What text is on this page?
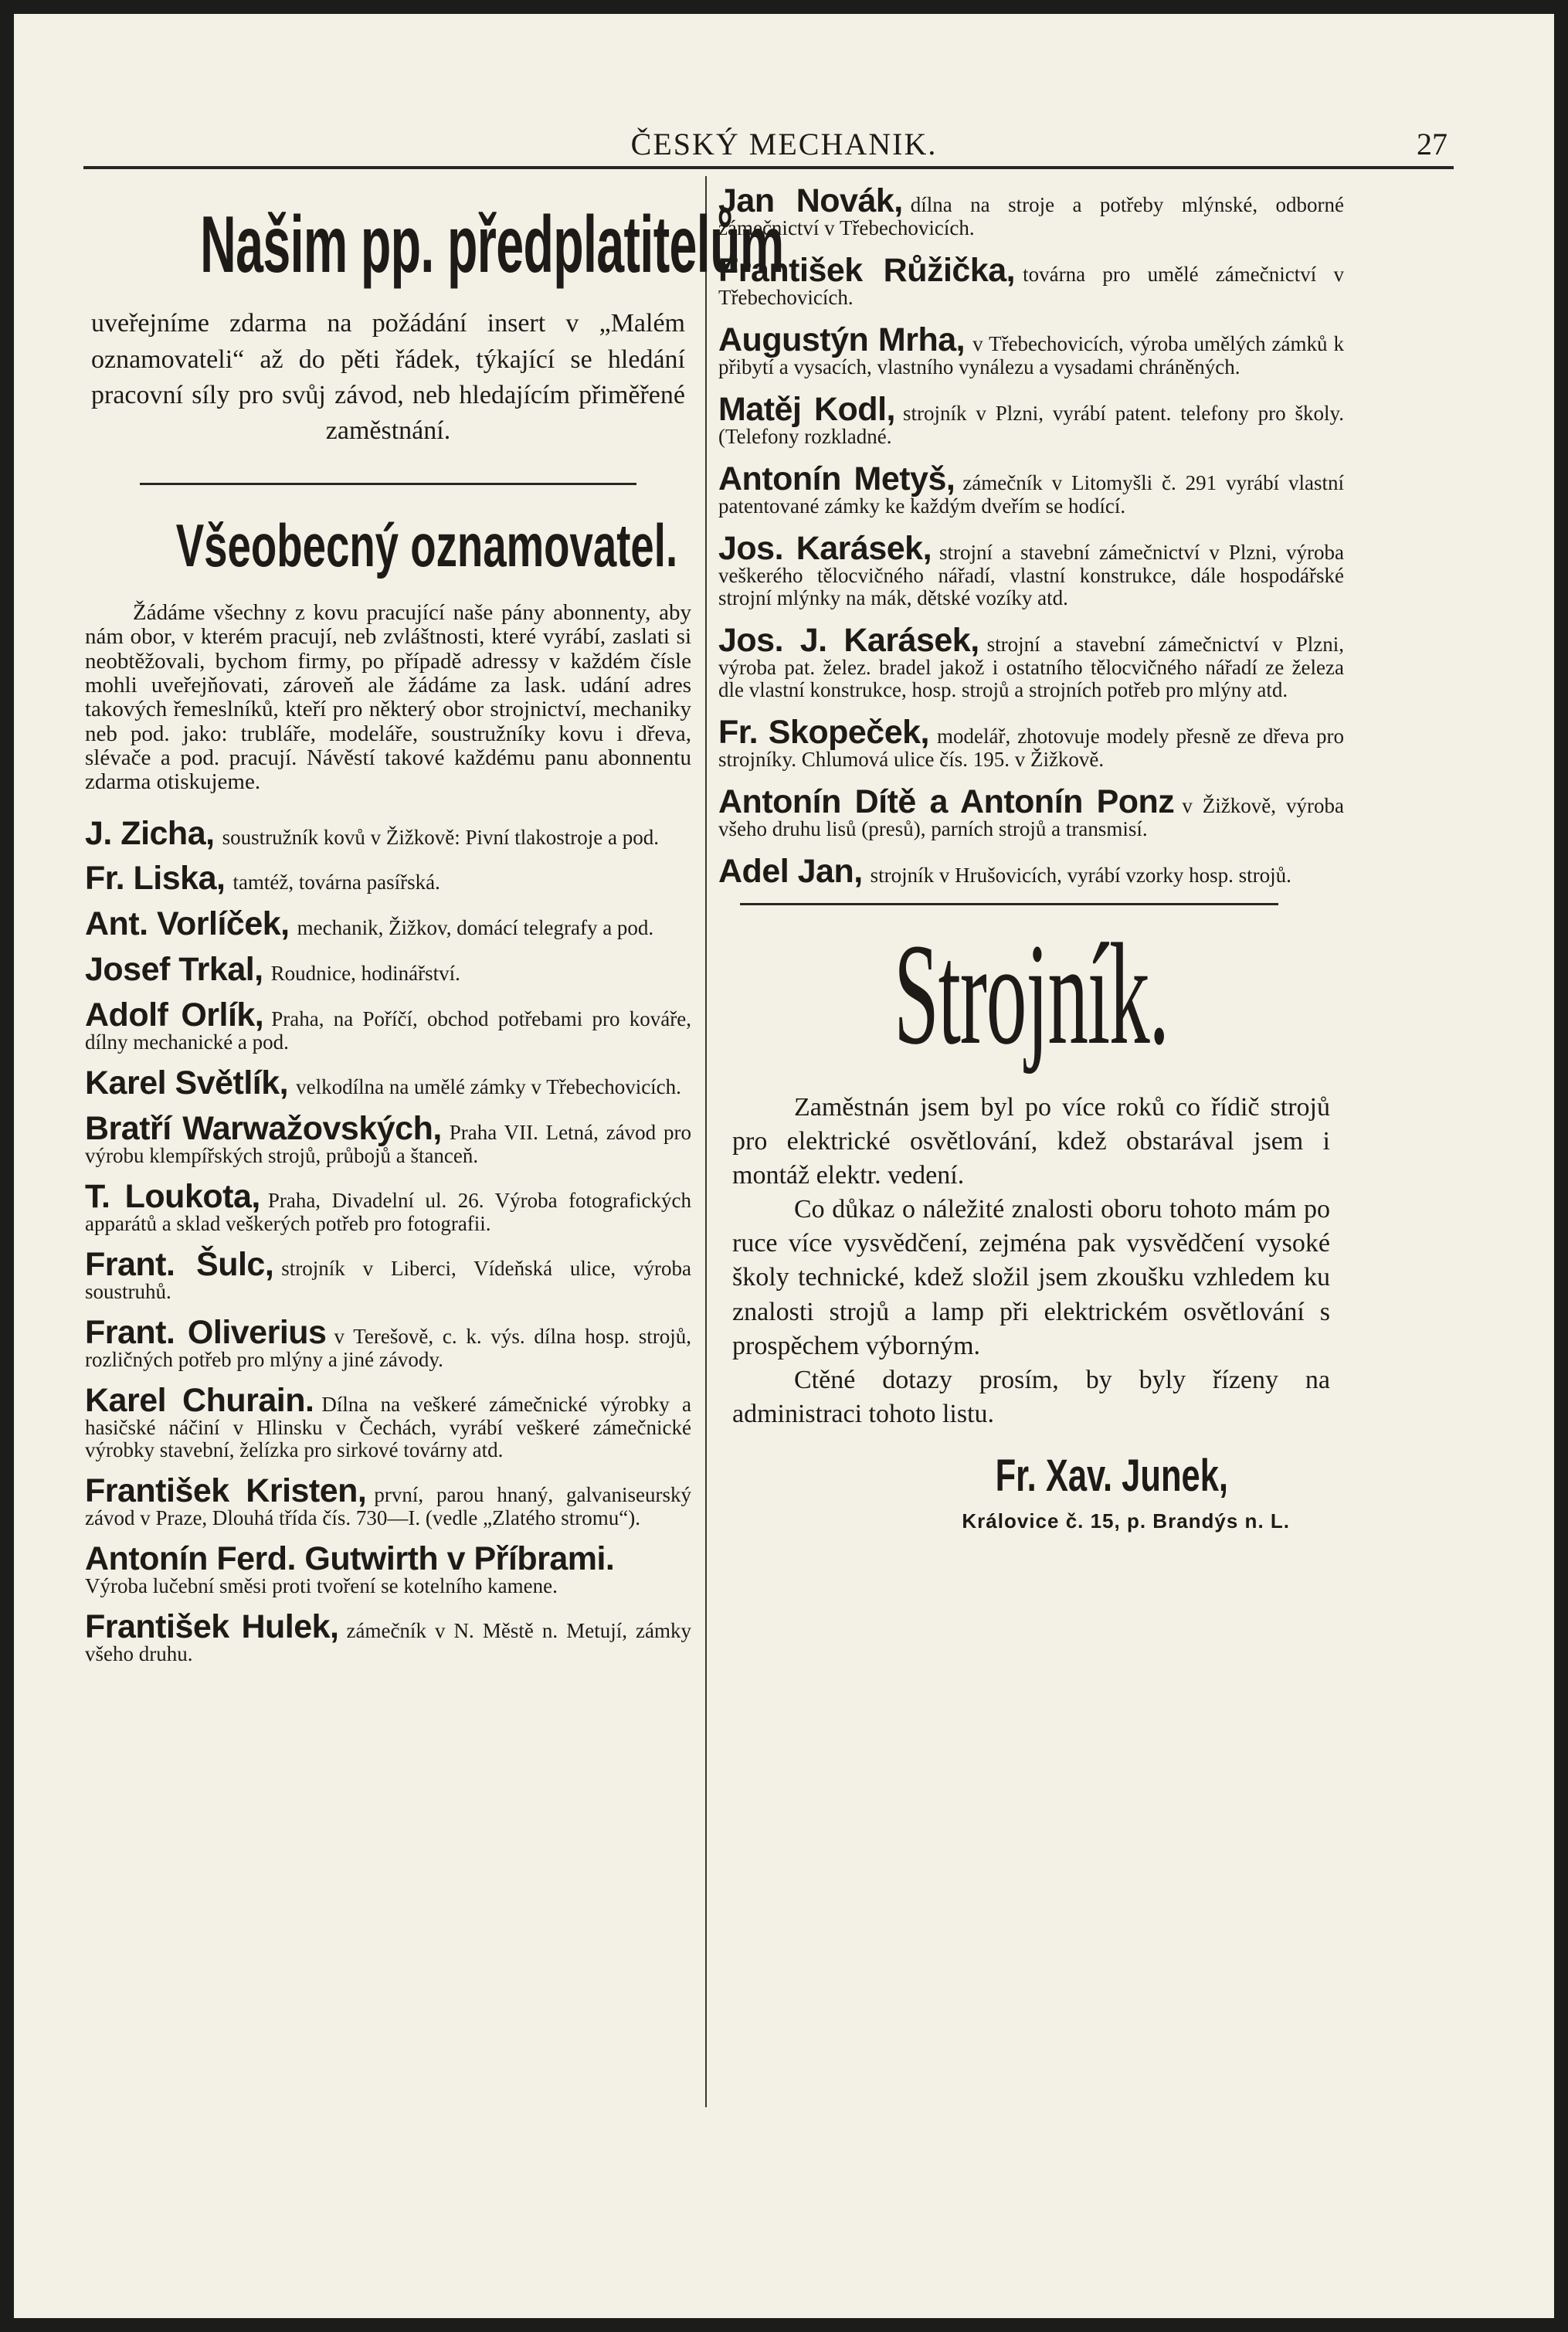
ČESKÝ MECHANIK.	27
Našim pp. předplatitelům
uveřejníme zdarma na požádání insert v „Malém oznamovateli“ až do pěti řádek, týkající se hledání pracovní síly pro svůj závod, neb hledajícím přiměřené zaměstnání.
Všeobecný oznamovatel.
Žádáme všechny z kovu pracující naše pány abonnenty, aby nám obor, v kterém pracují, neb zvláštnosti, které vyrábí, zaslati si neobtěžovali, bychom firmy, po případě adressy v každém čísle mohli uveřejňovati, zároveň ale žádáme za lask. udání adres takových řemeslníků, kteří pro některý obor strojnictví, mechaniky neb pod. jako: trubláře, modeláře, soustružníky kovu i dřeva, slévače a pod. pracují. Návěstí takové každému panu abonnentu zdarma otiskujeme.
J. Zicha, soustružník kovů v Žižkově: Pivní tlakostroje a pod.
Fr. Liska, tamtéž, továrna pasířská.
Ant. Vorlíček, mechanik, Žižkov, domácí telegrafy a pod.
Josef Trkal, Roudnice, hodinářství.
Adolf Orlík, Praha, na Poříčí, obchod potřebami pro kováře, dílny mechanické a pod.
Karel Světlík, velkodílna na umělé zámky v Třebechovicích.
Bratří Warwažovských, Praha VII. Letná, závod pro výrobu klempířských strojů, průbojů a štanceň.
T. Loukota, Praha, Divadelní ul. 26. Výroba fotografických apparátů a sklad veškerých potřeb pro fotografii.
Frant. Šulc, strojník v Liberci, Vídeňská ulice, výroba soustruhů.
Frant. Oliverius v Terešově, c. k. výs. dílna hosp. strojů, rozličných potřeb pro mlýny a jiné závody.
Karel Churain. Dílna na veškeré zámečnické výrobky a hasičské náčiní v Hlinsku v Čechách, vyrábí veškeré zámečnické výrobky stavební, želízka pro sirkové továrny atd.
František Kristen, první, parou hnaný, galvaniseurský závod v Praze, Dlouhá třída čís. 730—I. (vedle „Zlatého stromu“).
Antonín Ferd. Gutwirth v Příbrami.
Výroba lučební směsi proti tvoření se kotelního kamene.
František Hulek, zámečník v N. Městě n. Metují, zámky všeho druhu.
Jan Novák, dílna na stroje a potřeby mlýnské, odborné zámečnictví v Třebechovicích.
František Růžička, továrna pro umělé zámečnictví v Třebechovicích.
Augustýn Mrha, v Třebechovicích, výroba umělých zámků k přibytí a vysacích, vlastního vynálezu a vysadami chráněných.
Matěj Kodl, strojník v Plzni, vyrábí patent. telefony pro školy. (Telefony rozkladné.
Antonín Metyš, zámečník v Litomyšli č. 291 vyrábí vlastní patentované zámky ke každým dveřím se hodící.
Jos. Karásek, strojní a stavební zámečnictví v Plzni, výroba veškerého tělocvičného nářadí, vlastní konstrukce, dále hospodářské strojní mlýnky na mák, dětské vozíky atd.
Jos. J. Karásek, strojní a stavební zámečnictví v Plzni, výroba pat. želez. bradel jakož i ostatního tělocvičného nářadí ze železa dle vlastní konstrukce, hosp. strojů a strojních potřeb pro mlýny atd.
Fr. Skopeček, modelář, zhotovuje modely přesně ze dřeva pro strojníky. Chlumová ulice čís. 195. v Žižkově.
Antonín Dítě a Antonín Ponz v Žižkově, výroba všeho druhu lisů (presů), parních strojů a transmisí.
Adel Jan, strojník v Hrušovicích, vyrábí vzorky hosp. strojů.
Strojník.
Zaměstnán jsem byl po více roků co řídič strojů pro elektrické osvětlování, kdež obstarával jsem i montáž elektr. vedení.
Co důkaz o náležité znalosti oboru tohoto mám po ruce více vysvědčení, zejména pak vysvědčení vysoké školy technické, kdež složil jsem zkoušku vzhledem ku znalosti strojů a lamp při elektrickém osvětlování s prospěchem výborným.
Ctěné dotazy prosím, by byly řízeny na administraci tohoto listu.
Fr. Xav. Junek,
Královice č. 15, p. Brandýs n. L.
